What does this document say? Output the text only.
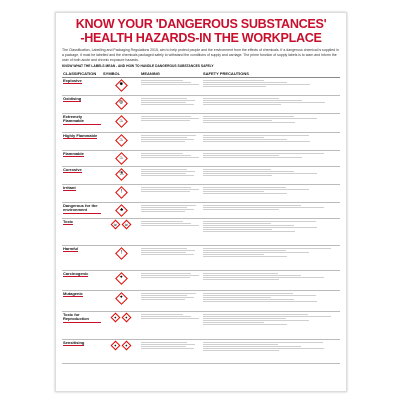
KNOW YOUR 'DANGEROUS SUBSTANCES'
-HEALTH HAZARDS-IN THE WORKPLACE
The Classification, Labelling and Packaging Regulations 2015, aim to help protect people and the environment from the effects of chemicals. If a dangerous chemical is supplied in a package, it must be labelled and the chemicals packaged safely to withstand the conditions of supply and carriage. The prime function of supply labels is to warn and inform the user of both acute and chronic exposure hazards.
KNOW WHAT THE LABELS MEAN - AND HOW TO HANDLE DANGEROUS SUBSTANCES SAFELY
CLASSIFICATION	SYMBOL	MEANING	SAFETY PRECAUTIONS
Explosive	✸		

Oxidising	⊚		

Extremely Flammable	♨		

Highly Flammable	♨		

Flammable	♨		

Corrosive	⚗		

Irritant	!		

Dangerous for the environment	♣		

Toxic	☠ ☠		

Harmful	!		

Carcinogenic	✦		

Mutagenic	✦		

Toxic for Reproduction	✦ ✦		

Sensitising	✦ ✦		
